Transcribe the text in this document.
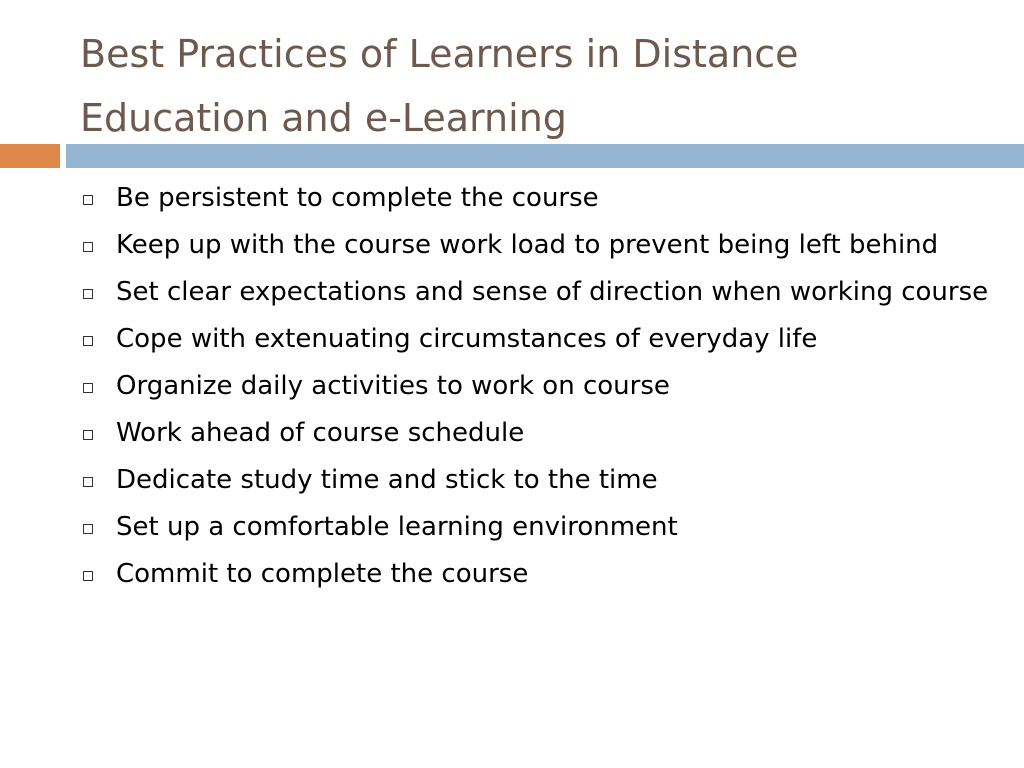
Best Practices of Learners in Distance Education and e-Learning
Be persistent to complete the course
Keep up with the course work load to prevent being left behind
Set clear expectations and sense of direction when working course
Cope with extenuating circumstances of everyday life
Organize daily activities to work on course
Work ahead of course schedule
Dedicate study time and stick to the time
Set up a comfortable learning environment
Commit to complete the course
